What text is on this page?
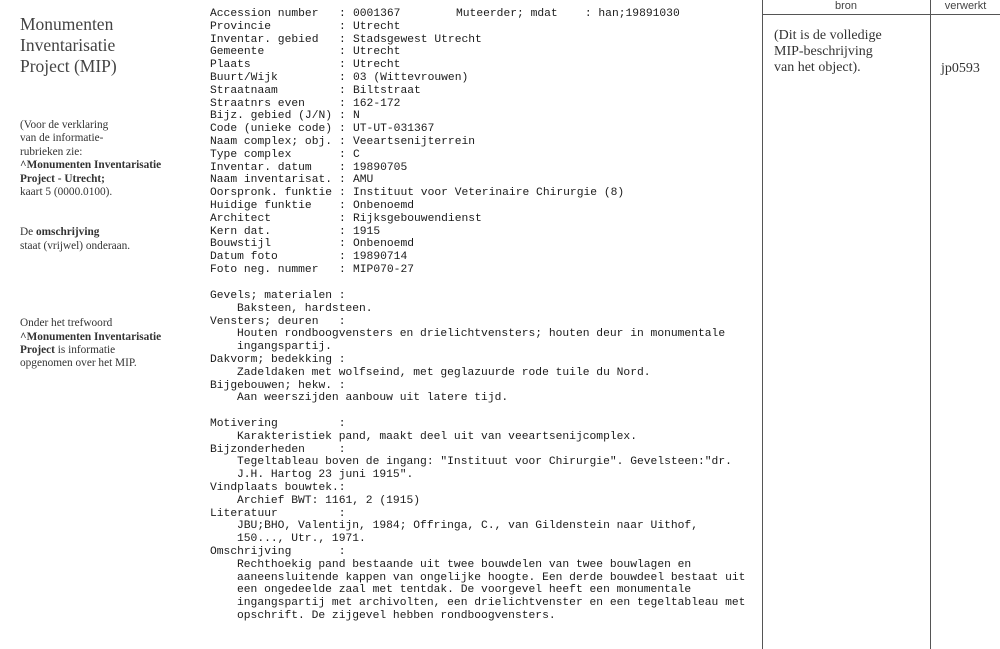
Monumenten
Inventarisatie
Project (MIP)
(Voor de verklaring
van de informatie-
rubrieken zie:
^Monumenten Inventarisatie
Project - Utrecht;
kaart 5 (0000.0100).
De omschrijving
staat (vrijwel) onderaan.
Onder het trefwoord
^Monumenten Inventarisatie
Project is informatie
opgenomen over het MIP.
Accession number	: 0001367
Provincie	: Utrecht
Inventar. gebied	: Stadsgewest Utrecht
Gemeente	: Utrecht
Plaats	: Utrecht
Buurt/Wijk	: 03 (Wittevrouwen)
Straatnaam	: Biltstraat
Straatnrs even	: 162-172
Bijz. gebied (J/N) : N
Code (unieke code) : UT-UT-031367
Naam complex; obj. : Veeartsenijterrein
Type complex	: C
Inventar. datum	: 19890705
Naam inventarisat. : AMU
Oorspronk. funktie : Instituut voor Veterinaire Chirurgie (8)
Huidige funktie	: Onbenoemd
Architect	: Rijksgebouwendienst
Kern dat.	: 1915
Bouwstijl	: Onbenoemd
Datum foto	: 19890714
Foto neg. nummer	: MIP070-27
Muteerder; mdat    : han;19891030
Gevels; materialen :
Baksteen, hardsteen.
Vensters; deuren   :
Houten rondboogvensters en drielichtvensters; houten deur in monumentale
ingangspartij.
Dakvorm; bedekking :
Zadeldaken met wolfseind, met geglazuurde rode tuile du Nord.
Bijgebouwen; hekw. :
Aan weerszijden aanbouw uit latere tijd.

Motivering         :
Karakteristiek pand, maakt deel uit van veeartsenijcomplex.
Bijzonderheden     :
Tegeltableau boven de ingang: "Instituut voor Chirurgie". Gevelsteen:"dr.
J.H. Hartog 23 juni 1915".
Vindplaats bouwtek.:
Archief BWT: 1161, 2 (1915)
Literatuur         :
JBU;BHO, Valentijn, 1984; Offringa, C., van Gildenstein naar Uithof,
150..., Utr., 1971.
Omschrijving       :
Rechthoekig pand bestaande uit twee bouwdelen van twee bouwlagen en
aaneensluitende kappen van ongelijke hoogte. Een derde bouwdeel bestaat uit
een ongedeelde zaal met tentdak. De voorgevel heeft een monumentale
ingangspartij met archivolten, een drielichtvenster en een tegeltableau met
opschrift. De zijgevel hebben rondboogvensters.
bron	verwerkt
(Dit is de volledige
MIP-beschrijving
van het object).	jp0593
